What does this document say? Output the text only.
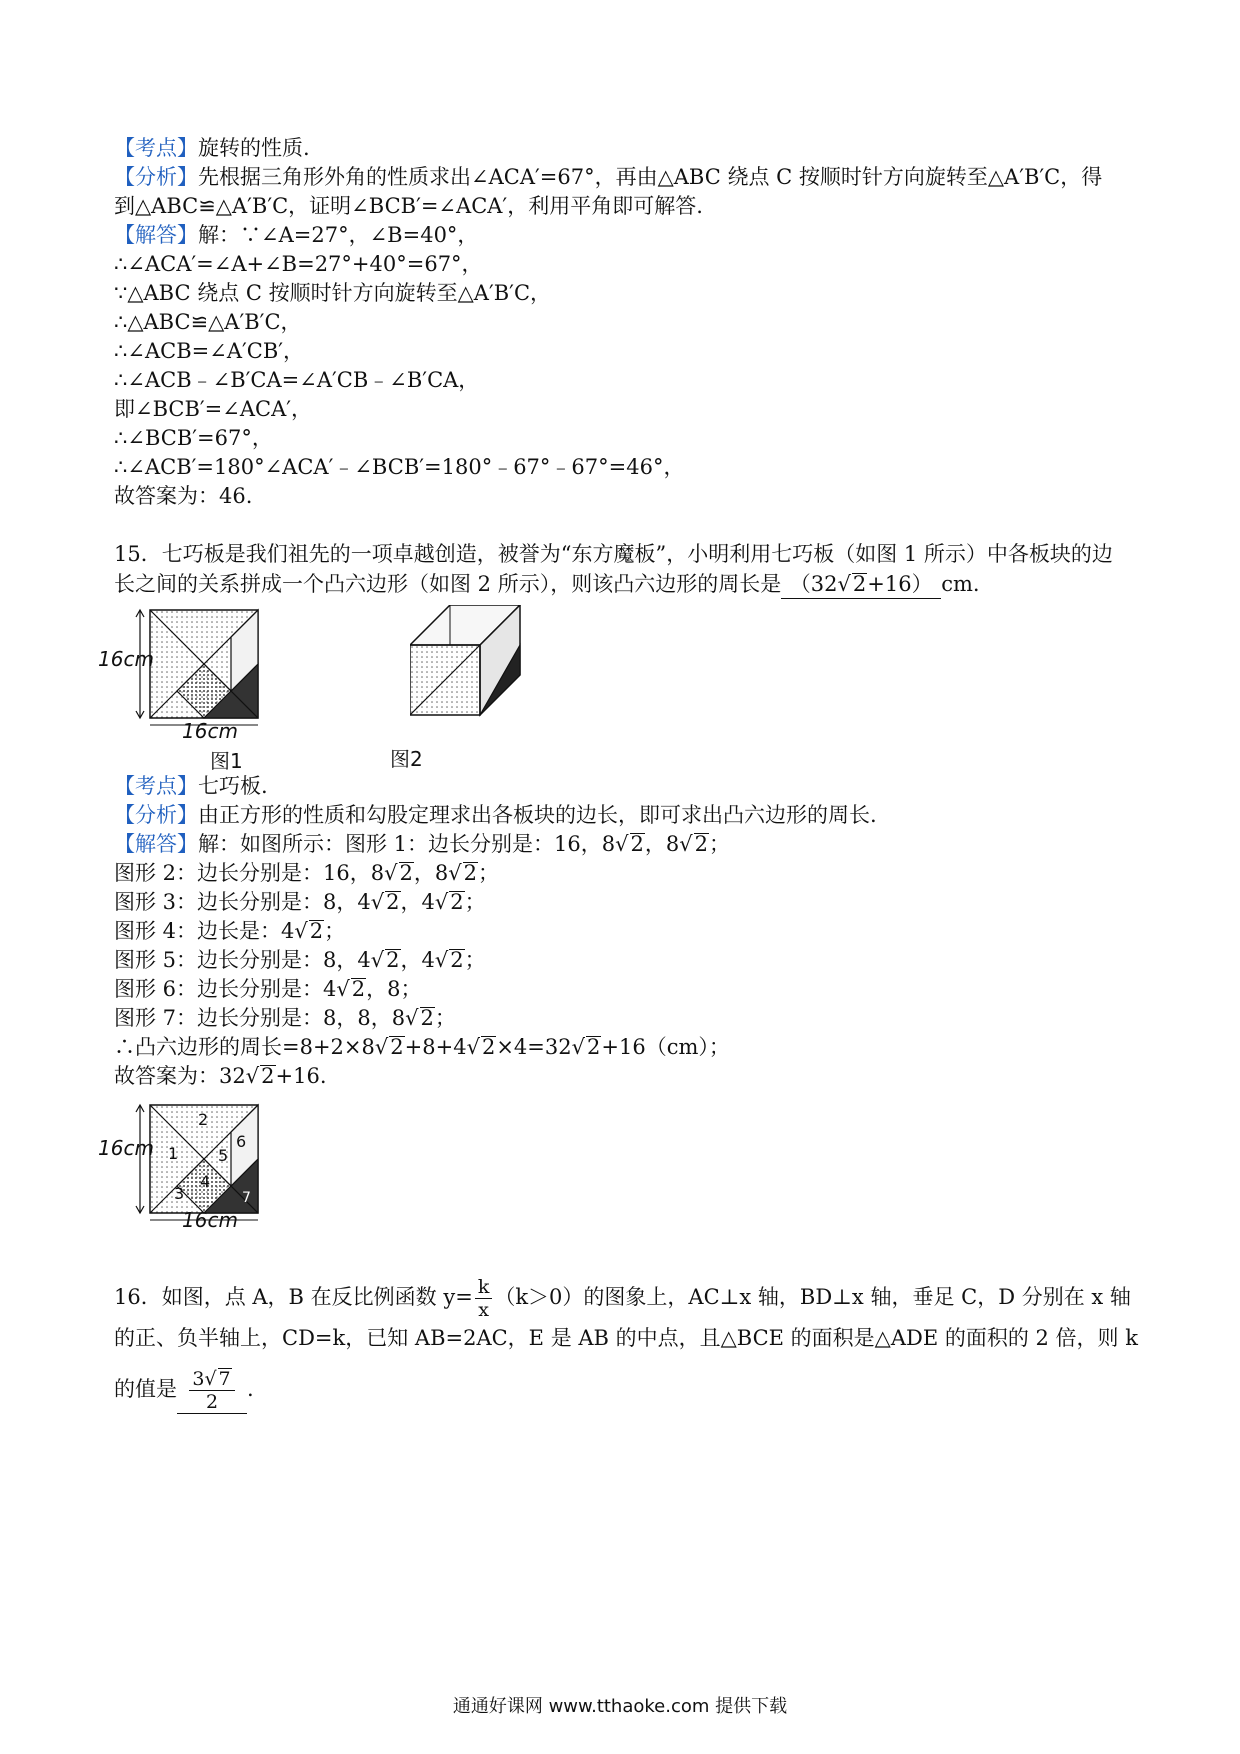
【考点】旋转的性质.
【分析】先根据三角形外角的性质求出∠ACA′=67°，再由△ABC 绕点 C 按顺时针方向旋转至△A′B′C，得
到△ABC≌△A′B′C，证明∠BCB′=∠ACA′，利用平角即可解答.
【解答】解：∵∠A=27°，∠B=40°，
∴∠ACA′=∠A+∠B=27°+40°=67°，
∵△ABC 绕点 C 按顺时针方向旋转至△A′B′C，
∴△ABC≌△A′B′C，
∴∠ACB=∠A′CB′，
∴∠ACB﹣∠B′CA=∠A′CB﹣∠B′CA，
即∠BCB′=∠ACA′，
∴∠BCB′=67°，
∴∠ACB′=180°∠ACA′﹣∠BCB′=180°﹣67°﹣67°=46°，
故答案为：46.
15．七巧板是我们祖先的一项卓越创造，被誉为“东方魔板”，小明利用七巧板（如图 1 所示）中各板块的边
长之间的关系拼成一个凸六边形（如图 2 所示），则该凸六边形的周长是 （32√2+16） cm.
16cm
16cm
图1	图2
【考点】七巧板.
【分析】由正方形的性质和勾股定理求出各板块的边长，即可求出凸六边形的周长.
【解答】解：如图所示：图形 1：边长分别是：16，8√2，8√2；
图形 2：边长分别是：16，8√2，8√2；
图形 3：边长分别是：8，4√2，4√2；
图形 4：边长是：4√2；
图形 5：边长分别是：8，4√2，4√2；
图形 6：边长分别是：4√2，8；
图形 7：边长分别是：8，8，8√2；
∴凸六边形的周长=8+2×8√2+8+4√2×4=32√2+16（cm）；
故答案为：32√2+16.
16cm
16cm
1
2
3
4
5
6
7
16．如图，点 A，B 在反比例函数 $y= \frac{k}{x} (k>0)$的图象上，AC⊥x 轴，BD⊥x 轴，垂足 C，D 分别在 x 轴
的正、负半轴上，CD=k，已知 AB=2AC，E 是 AB 的中点，且△BCE 的面积是△ADE 的面积的 2 倍，则 k
的值是 $\frac{3√ 7}{2}$ .
通通好课网 www.tthaoke.com 提供下载
